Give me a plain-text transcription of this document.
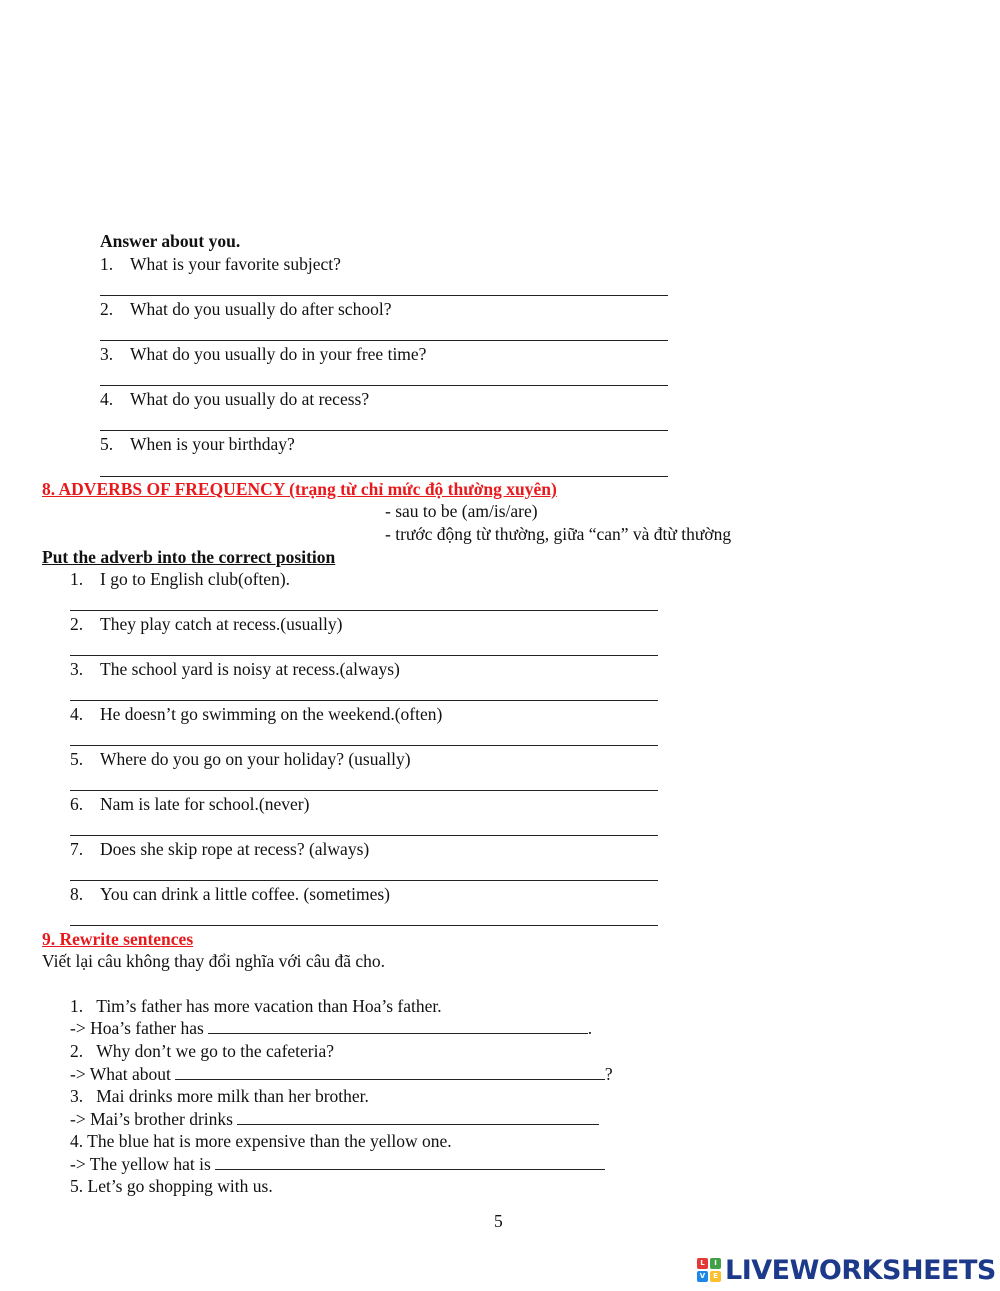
Answer about you.
1. What is your favorite subject?
2. What do you usually do after school?
3. What do you usually do in your free time?
4. What do you usually do at recess?
5. When is your birthday?
8. ADVERBS OF FREQUENCY (trạng từ chỉ mức độ thường xuyên)
- sau to be (am/is/are)
- trước động từ thường, giữa “can” và đtừ thường
Put the adverb into the correct position
1. I go to English club(often).
2. They play catch at recess.(usually)
3. The school yard is noisy at recess.(always)
4. He doesn’t go swimming on the weekend.(often)
5. Where do you go on your holiday? (usually)
6. Nam is late for school.(never)
7. Does she skip rope at recess? (always)
8. You can drink a little coffee. (sometimes)
9. Rewrite sentences
Viết lại câu không thay đổi nghĩa với câu đã cho.
1.   Tim’s father has more vacation than Hoa’s father.
-> Hoa’s father has	.
2.   Why don’t we go to the cafeteria?
-> What about	?
3.   Mai drinks more milk than her brother.
-> Mai’s brother drinks
4. The blue hat is more expensive than the yellow one.
-> The yellow hat is
5. Let’s go shopping with us.
5
L	I
V	E LIVEWORKSHEETS
